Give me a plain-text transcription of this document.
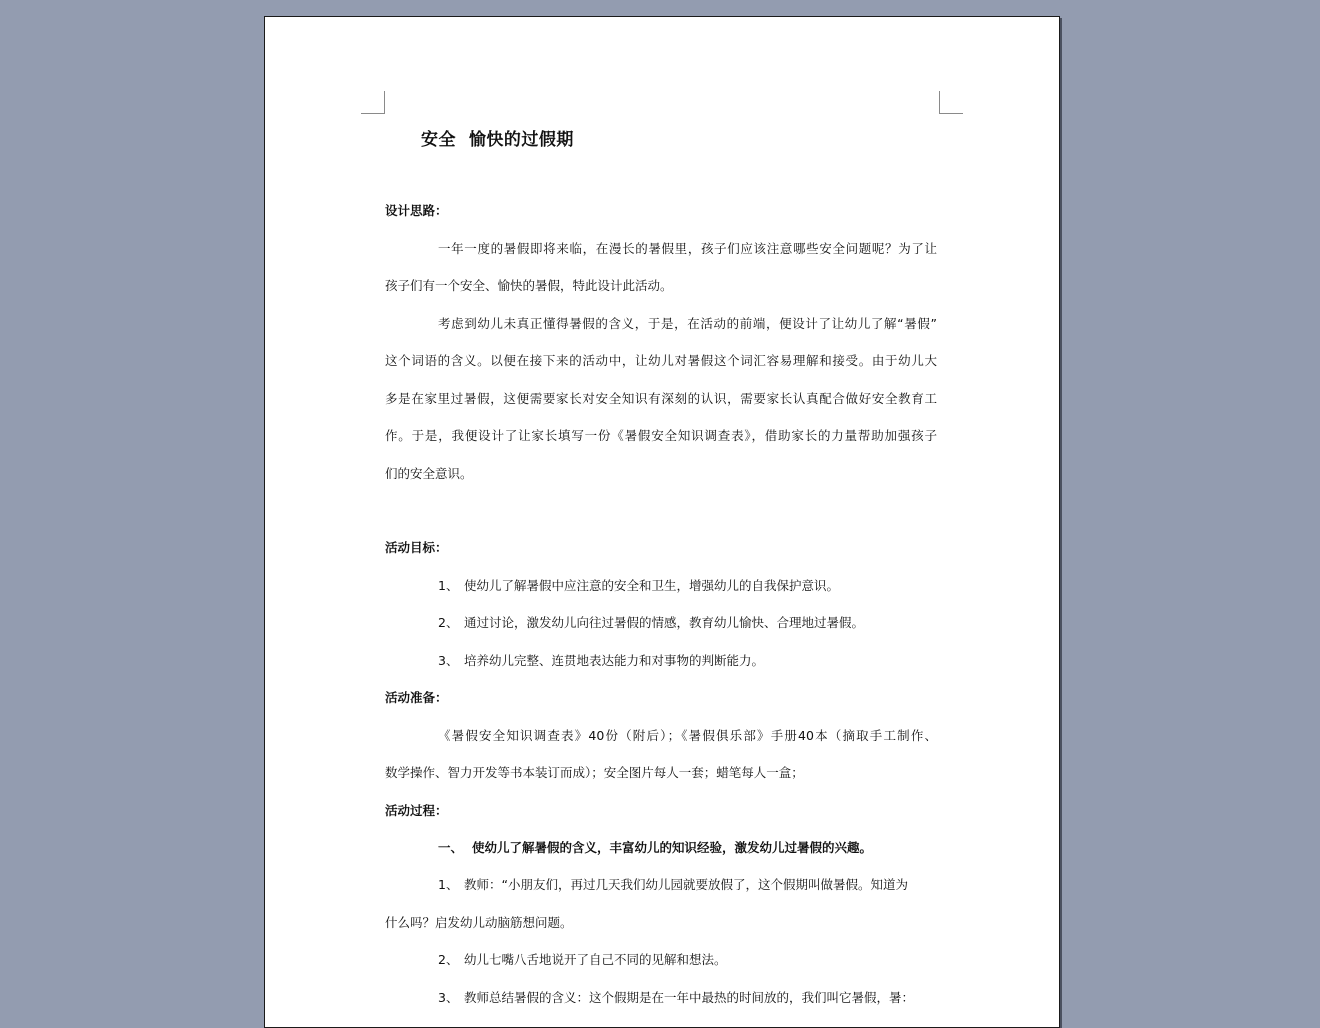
安全  愉快的过假期
设计思路：
一年一度的暑假即将来临，在漫长的暑假里，孩子们应该注意哪些安全问题呢？为了让
孩子们有一个安全、愉快的暑假，特此设计此活动。
考虑到幼儿未真正懂得暑假的含义，于是，在活动的前端，便设计了让幼儿了解“暑假”
这个词语的含义。以便在接下来的活动中，让幼儿对暑假这个词汇容易理解和接受。由于幼儿大
多是在家里过暑假，这便需要家长对安全知识有深刻的认识，需要家长认真配合做好安全教育工
作。于是，我便设计了让家长填写一份《暑假安全知识调查表》，借助家长的力量帮助加强孩子
们的安全意识。
活动目标：
1、 使幼儿了解暑假中应注意的安全和卫生，增强幼儿的自我保护意识。
2、 通过讨论，激发幼儿向往过暑假的情感，教育幼儿愉快、合理地过暑假。
3、 培养幼儿完整、连贯地表达能力和对事物的判断能力。
活动准备：
《暑假安全知识调查表》40份（附后）；《暑假俱乐部》手册40本（摘取手工制作、
数学操作、智力开发等书本装订而成）；安全图片每人一套；蜡笔每人一盒；
活动过程：
一、 使幼儿了解暑假的含义，丰富幼儿的知识经验，激发幼儿过暑假的兴趣。
1、 教师：“小朋友们，再过几天我们幼儿园就要放假了，这个假期叫做暑假。知道为
什么吗？启发幼儿动脑筋想问题。
2、 幼儿七嘴八舌地说开了自己不同的见解和想法。
3、 教师总结暑假的含义：这个假期是在一年中最热的时间放的，我们叫它暑假，暑：
